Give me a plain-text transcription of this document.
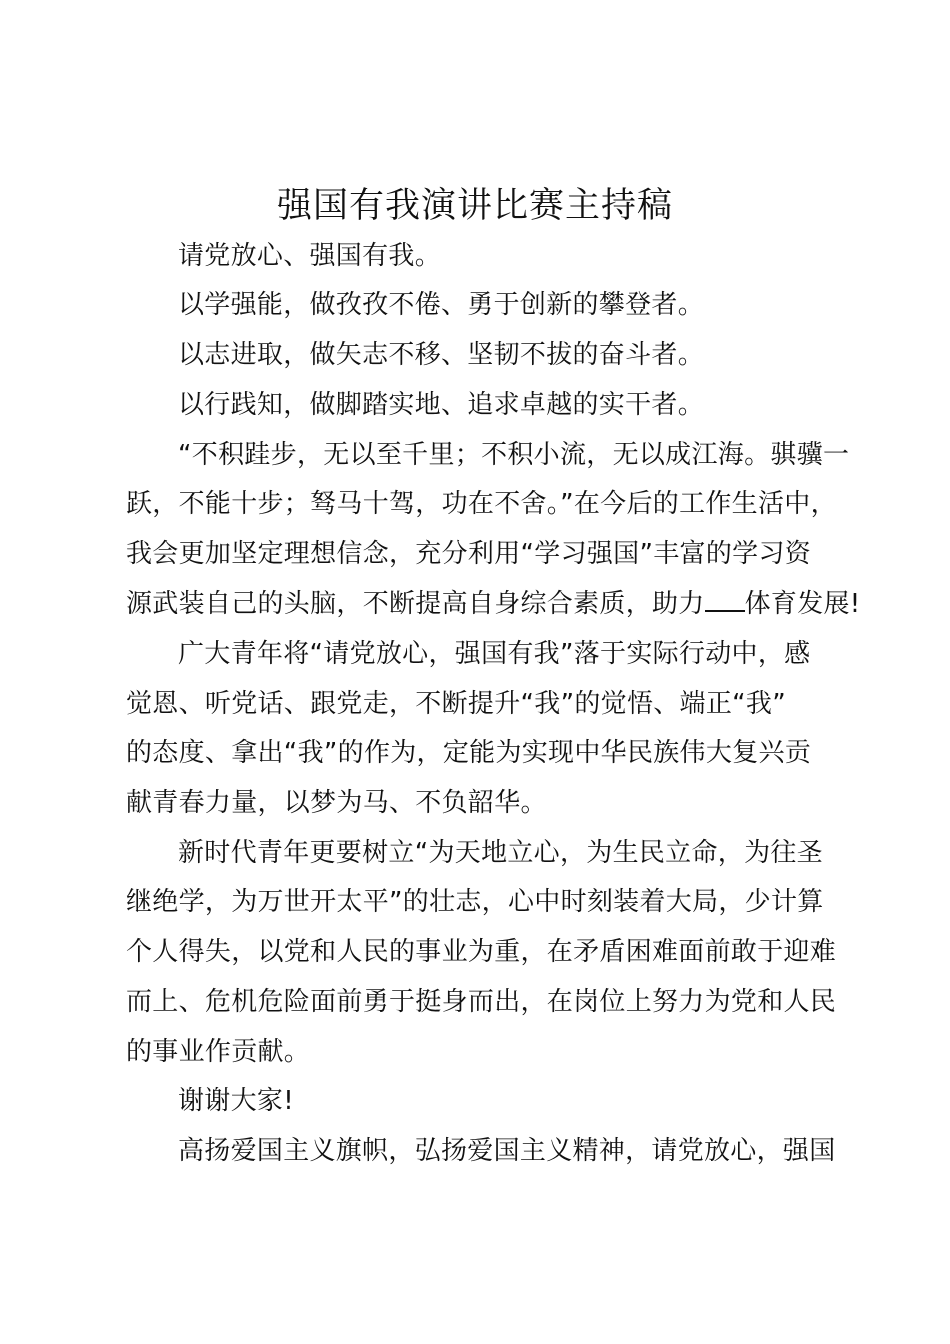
强国有我演讲比赛主持稿
请党放心、强国有我。
以学强能，做孜孜不倦、勇于创新的攀登者。
以志进取，做矢志不移、坚韧不拔的奋斗者。
以行践知，做脚踏实地、追求卓越的实干者。
“不积跬步，无以至千里；不积小流，无以成江海。骐骥一
跃，不能十步；驽马十驾，功在不舍。”在今后的工作生活中，
我会更加坚定理想信念，充分利用“学习强国”丰富的学习资
源武装自己的头脑，不断提高自身综合素质，助力 体育发展!
广大青年将“请党放心，强国有我”落于实际行动中，感
觉恩、听党话、跟党走，不断提升“我”的觉悟、端正“我”
的态度、拿出“我”的作为，定能为实现中华民族伟大复兴贡
献青春力量，以梦为马、不负韶华。
新时代青年更要树立“为天地立心，为生民立命，为往圣
继绝学，为万世开太平”的壮志，心中时刻装着大局，少计算
个人得失，以党和人民的事业为重，在矛盾困难面前敢于迎难
而上、危机危险面前勇于挺身而出，在岗位上努力为党和人民
的事业作贡献。
谢谢大家!
高扬爱国主义旗帜，弘扬爱国主义精神，请党放心，强国
